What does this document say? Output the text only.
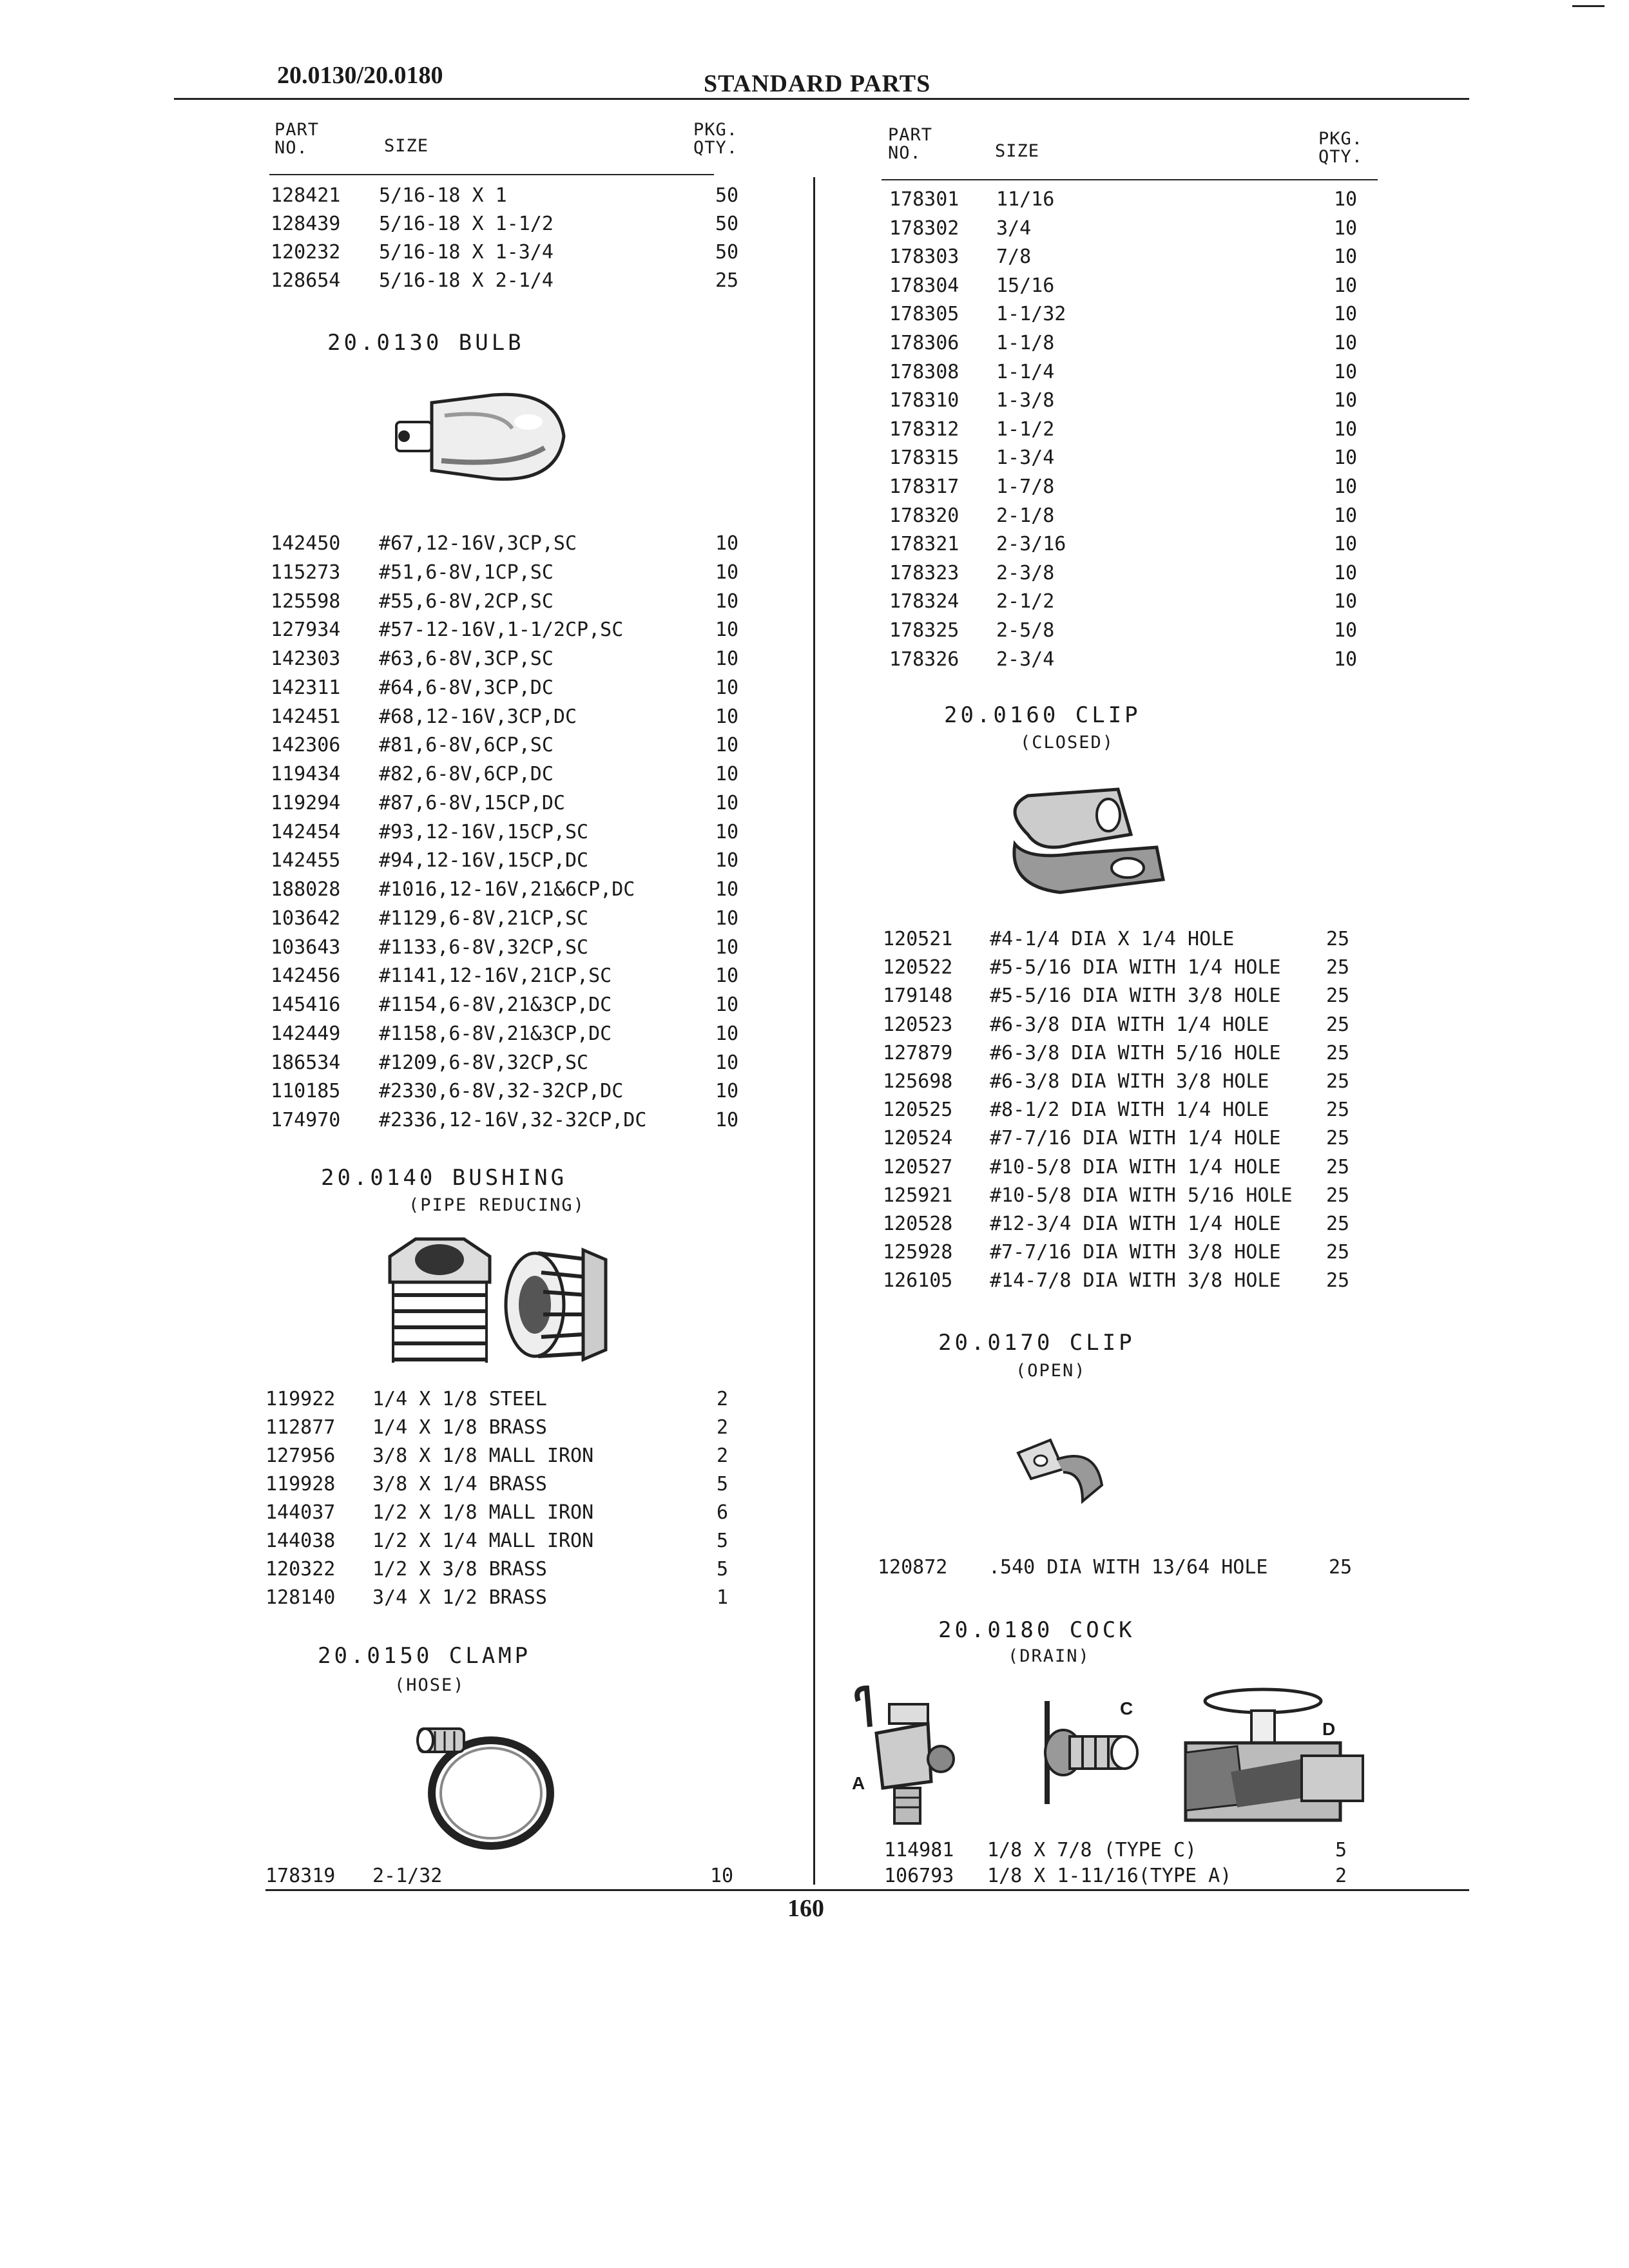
20.0130/20.0180	STANDARD PARTS
PART
NO.	SIZE
PKG.
QTY.
PART
NO.	SIZE
PKG.
QTY.
128421 5/16-18 X 1	50
128439 5/16-18 X 1-1/2	50
120232 5/16-18 X 1-3/4	50
128654 5/16-18 X 2-1/4	25
20.0130 BULB
142450 #67,12-16V,3CP,SC	10
115273 #51,6-8V,1CP,SC	10
125598 #55,6-8V,2CP,SC	10
127934 #57-12-16V,1-1/2CP,SC	10
142303 #63,6-8V,3CP,SC	10
142311 #64,6-8V,3CP,DC	10
142451 #68,12-16V,3CP,DC	10
142306 #81,6-8V,6CP,SC	10
119434 #82,6-8V,6CP,DC	10
119294 #87,6-8V,15CP,DC	10
142454 #93,12-16V,15CP,SC	10
142455 #94,12-16V,15CP,DC	10
188028 #1016,12-16V,21&6CP,DC	10
103642 #1129,6-8V,21CP,SC	10
103643 #1133,6-8V,32CP,SC	10
142456 #1141,12-16V,21CP,SC	10
145416 #1154,6-8V,21&3CP,DC	10
142449 #1158,6-8V,21&3CP,DC	10
186534 #1209,6-8V,32CP,SC	10
110185 #2330,6-8V,32-32CP,DC	10
174970 #2336,12-16V,32-32CP,DC	10
20.0140 BUSHING
(PIPE REDUCING)
119922 1/4 X 1/8 STEEL	2
112877 1/4 X 1/8 BRASS	2
127956 3/8 X 1/8 MALL IRON	2
119928 3/8 X 1/4 BRASS	5
144037 1/2 X 1/8 MALL IRON	6
144038 1/2 X 1/4 MALL IRON	5
120322 1/2 X 3/8 BRASS	5
128140 3/4 X 1/2 BRASS	1
20.0150 CLAMP
(HOSE)
178319 2-1/32	10
178301 11/16	10
178302 3/4	10
178303 7/8	10
178304 15/16	10
178305 1-1/32	10
178306 1-1/8	10
178308 1-1/4	10
178310 1-3/8	10
178312 1-1/2	10
178315 1-3/4	10
178317 1-7/8	10
178320 2-1/8	10
178321 2-3/16	10
178323 2-3/8	10
178324 2-1/2	10
178325 2-5/8	10
178326 2-3/4	10
20.0160 CLIP
(CLOSED)
120521 #4-1/4 DIA X 1/4 HOLE	25
120522 #5-5/16 DIA WITH 1/4 HOLE 25
179148 #5-5/16 DIA WITH 3/8 HOLE 25
120523 #6-3/8 DIA WITH 1/4 HOLE	25
127879 #6-3/8 DIA WITH 5/16 HOLE 25
125698 #6-3/8 DIA WITH 3/8 HOLE	25
120525 #8-1/2 DIA WITH 1/4 HOLE	25
120524 #7-7/16 DIA WITH 1/4 HOLE 25
120527 #10-5/8 DIA WITH 1/4 HOLE 25
125921 #10-5/8 DIA WITH 5/16 HOLE 25
120528 #12-3/4 DIA WITH 1/4 HOLE 25
125928 #7-7/16 DIA WITH 3/8 HOLE 25
126105 #14-7/8 DIA WITH 3/8 HOLE 25
20.0170 CLIP
(OPEN)
120872 .540 DIA WITH 13/64 HOLE	25
20.0180 COCK
(DRAIN)
A
C
D
114981 1/8 X 7/8 (TYPE C)	5
106793 1/8 X 1-11/16(TYPE A)	2
160
